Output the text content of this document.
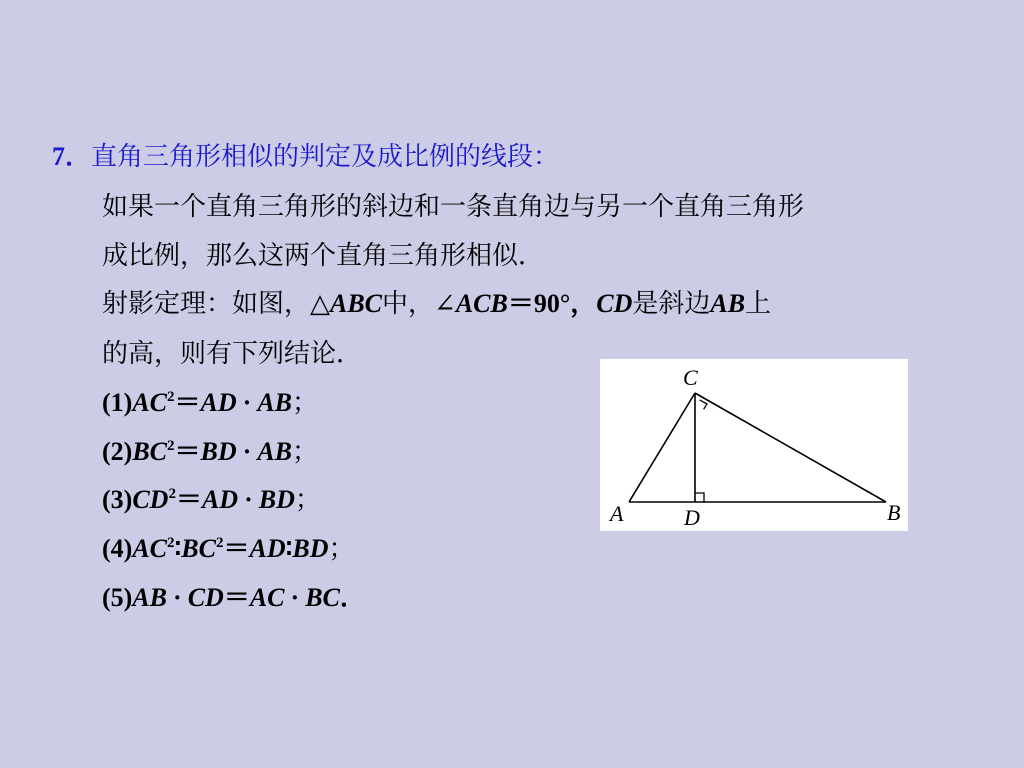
7．直角三角形相似的判定及成比例的线段：
如果一个直角三角形的斜边和一条直角边与另一个直角三角形
成比例，那么这两个直角三角形相似．
射影定理：如图，△ABC中，∠ACB＝90°，CD是斜边AB上
的高，则有下列结论．
$(1)AC^2=AD$ · AB；
$(2)BC^2=BD$ · AB；
$(3)CD^2=AD$ · BD；
$(4)AC^2∶BC^2=AD∶BD$；
(5)AB · CD＝AC · BC．
C
A	D	B
